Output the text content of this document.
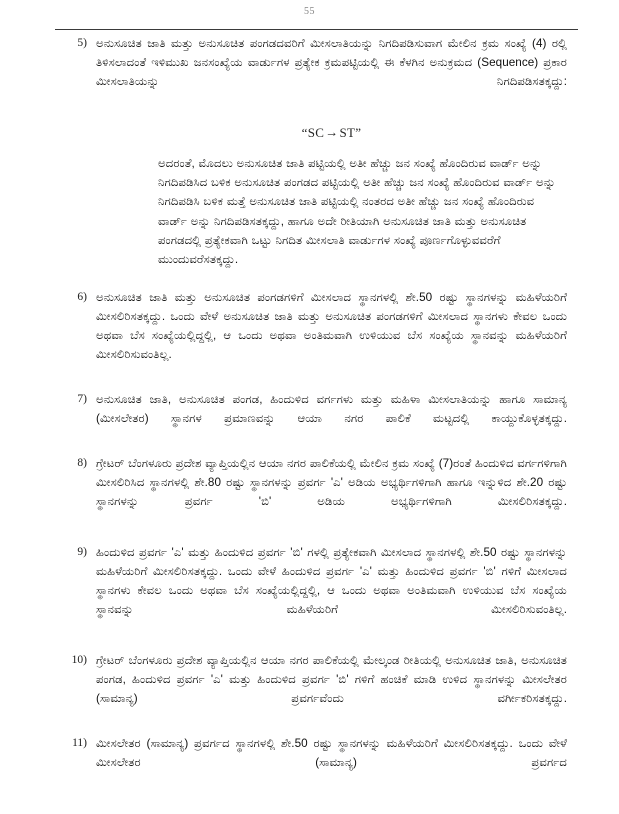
55
5) ಅನುಸೂಚಿತ ಜಾತಿ ಮತ್ತು ಅನುಸೂಚಿತ ಪಂಗಡದವರಿಗೆ ಮೀಸಲಾತಿಯನ್ನು ನಿಗದಿಪಡಿಸುವಾಗ ಮೇಲಿನ ಕ್ರಮ ಸಂಖ್ಯೆ (4) ರಲ್ಲಿ ತಿಳಿಸಲಾದಂತೆ ಇಳಿಮುಖ ಜನಸಂಖ್ಯೆಯ ವಾರ್ಡುಗಳ ಪ್ರತ್ಯೇಕ ಕ್ರಮಪಟ್ಟಿಯಲ್ಲಿ ಈ ಕೆಳಗಿನ ಅನುಕ್ರಮದ (Sequence) ಪ್ರಕಾರ ಮೀಸಲಾತಿಯನ್ನು ನಿಗದಿಪಡಿಸತಕ್ಕದ್ದು:

“SC→ST”

ಅದರಂತೆ, ಮೊದಲು ಅನುಸೂಚಿತ ಜಾತಿ ಪಟ್ಟಿಯಲ್ಲಿ ಅತೀ ಹೆಚ್ಚು ಜನ ಸಂಖ್ಯೆ ಹೊಂದಿರುವ ವಾರ್ಡ್ ಅನ್ನು ನಿಗದಿಪಡಿಸಿದ ಬಳಿಕ ಅನುಸೂಚಿತ ಪಂಗಡದ ಪಟ್ಟಿಯಲ್ಲಿ ಅತೀ ಹೆಚ್ಚು ಜನ ಸಂಖ್ಯೆ ಹೊಂದಿರುವ ವಾರ್ಡ್ ಅನ್ನು ನಿಗದಿಪಡಿಸಿ ಬಳಿಕ ಮತ್ತೆ ಅನುಸೂಚಿತ ಜಾತಿ ಪಟ್ಟಿಯಲ್ಲಿ ನಂತರದ ಅತೀ ಹೆಚ್ಚು ಜನ ಸಂಖ್ಯೆ ಹೊಂದಿರುವ ವಾರ್ಡ್ ಅನ್ನು ನಿಗದಿಪಡಿಸತಕ್ಕದ್ದು, ಹಾಗೂ ಅದೇ ರೀತಿಯಾಗಿ ಅನುಸೂಚಿತ ಜಾತಿ ಮತ್ತು ಅನುಸೂಚಿತ ಪಂಗಡದಲ್ಲಿ ಪ್ರತ್ಯೇಕವಾಗಿ ಒಟ್ಟು ನಿಗದಿತ ಮೀಸಲಾತಿ ವಾರ್ಡುಗಳ ಸಂಖ್ಯೆ ಪೂರ್ಣಗೊಳ್ಳುವವರೆಗೆ ಮುಂದುವರೆಸತಕ್ಕದ್ದು.

6) ಅನುಸೂಚಿತ ಜಾತಿ ಮತ್ತು ಅನುಸೂಚಿತ ಪಂಗಡಗಳಿಗೆ ಮೀಸಲಾದ ಸ್ಥಾನಗಳಲ್ಲಿ ಶೇ.50 ರಷ್ಟು ಸ್ಥಾನಗಳನ್ನು ಮಹಿಳೆಯರಿಗೆ ಮೀಸಲಿರಿಸತಕ್ಕದ್ದು. ಒಂದು ವೇಳೆ ಅನುಸೂಚಿತ ಜಾತಿ ಮತ್ತು ಅನುಸೂಚಿತ ಪಂಗಡಗಳಿಗೆ ಮೀಸಲಾದ ಸ್ಥಾನಗಳು ಕೇವಲ ಒಂದು ಅಥವಾ ಬೆಸ ಸಂಖ್ಯೆಯಲ್ಲಿದ್ದಲ್ಲಿ, ಆ ಒಂದು ಅಥವಾ ಅಂತಿಮವಾಗಿ ಉಳಿಯುವ ಬೆಸ ಸಂಖ್ಯೆಯ ಸ್ಥಾನವನ್ನು ಮಹಿಳೆಯರಿಗೆ ಮೀಸಲಿರಿಸುವಂತಿಲ್ಲ.

7) ಅನುಸೂಚಿತ ಜಾತಿ, ಅನುಸೂಚಿತ ಪಂಗಡ, ಹಿಂದುಳಿದ ವರ್ಗಗಳು ಮತ್ತು ಮಹಿಳಾ ಮೀಸಲಾತಿಯನ್ನು ಹಾಗೂ ಸಾಮಾನ್ಯ (ಮೀಸಲೇತರ) ಸ್ಥಾನಗಳ ಪ್ರಮಾಣವನ್ನು ಆಯಾ ನಗರ ಪಾಲಿಕೆ ಮಟ್ಟದಲ್ಲಿ ಕಾಯ್ದುಕೊಳ್ಳತಕ್ಕದ್ದು.

8) ಗ್ರೇಟರ್ ಬೆಂಗಳೂರು ಪ್ರದೇಶ ವ್ಯಾಪ್ತಿಯಲ್ಲಿನ ಆಯಾ ನಗರ ಪಾಲಿಕೆಯಲ್ಲಿ ಮೇಲಿನ ಕ್ರಮ ಸಂಖ್ಯೆ (7)ರಂತೆ ಹಿಂದುಳಿದ ವರ್ಗಗಳಿಗಾಗಿ ಮೀಸಲಿರಿಸಿದ ಸ್ಥಾನಗಳಲ್ಲಿ ಶೇ.80 ರಷ್ಟು ಸ್ಥಾನಗಳನ್ನು ಪ್ರವರ್ಗ 'ಎ' ಅಡಿಯ ಅಭ್ಯರ್ಥಿಗಳಿಗಾಗಿ ಹಾಗೂ ಇನ್ನುಳಿದ ಶೇ.20 ರಷ್ಟು ಸ್ಥಾನಗಳನ್ನು ಪ್ರವರ್ಗ 'ಬಿ' ಅಡಿಯ ಅಭ್ಯರ್ಥಿಗಳಿಗಾಗಿ ಮೀಸಲಿರಿಸತಕ್ಕದ್ದು.

9) ಹಿಂದುಳಿದ ಪ್ರವರ್ಗ 'ಎ' ಮತ್ತು ಹಿಂದುಳಿದ ಪ್ರವರ್ಗ 'ಬಿ' ಗಳಲ್ಲಿ ಪ್ರತ್ಯೇಕವಾಗಿ ಮೀಸಲಾದ ಸ್ಥಾನಗಳಲ್ಲಿ ಶೇ.50 ರಷ್ಟು ಸ್ಥಾನಗಳನ್ನು ಮಹಿಳೆಯರಿಗೆ ಮೀಸಲಿರಿಸತಕ್ಕದ್ದು. ಒಂದು ವೇಳೆ ಹಿಂದುಳಿದ ಪ್ರವರ್ಗ 'ಎ' ಮತ್ತು ಹಿಂದುಳಿದ ಪ್ರವರ್ಗ 'ಬಿ' ಗಳಿಗೆ ಮೀಸಲಾದ ಸ್ಥಾನಗಳು ಕೇವಲ ಒಂದು ಅಥವಾ ಬೆಸ ಸಂಖ್ಯೆಯಲ್ಲಿದ್ದಲ್ಲಿ, ಆ ಒಂದು ಅಥವಾ ಅಂತಿಮವಾಗಿ ಉಳಿಯುವ ಬೆಸ ಸಂಖ್ಯೆಯ ಸ್ಥಾನವನ್ನು ಮಹಿಳೆಯರಿಗೆ ಮೀಸಲಿರಿಸುವಂತಿಲ್ಲ.

10) ಗ್ರೇಟರ್ ಬೆಂಗಳೂರು ಪ್ರದೇಶ ವ್ಯಾಪ್ತಿಯಲ್ಲಿನ ಆಯಾ ನಗರ ಪಾಲಿಕೆಯಲ್ಲಿ ಮೇಲ್ಕಂಡ ರೀತಿಯಲ್ಲಿ ಅನುಸೂಚಿತ ಜಾತಿ, ಅನುಸೂಚಿತ ಪಂಗಡ, ಹಿಂದುಳಿದ ಪ್ರವರ್ಗ 'ಎ' ಮತ್ತು ಹಿಂದುಳಿದ ಪ್ರವರ್ಗ 'ಬಿ' ಗಳಿಗೆ ಹಂಚಿಕೆ ಮಾಡಿ ಉಳಿದ ಸ್ಥಾನಗಳನ್ನು ಮೀಸಲೇತರ (ಸಾಮಾನ್ಯ) ಪ್ರವರ್ಗವೆಂದು ವರ್ಗೀಕರಿಸತಕ್ಕದ್ದು.

11) ಮೀಸಲೇತರ (ಸಾಮಾನ್ಯ) ಪ್ರವರ್ಗದ ಸ್ಥಾನಗಳಲ್ಲಿ ಶೇ.50 ರಷ್ಟು ಸ್ಥಾನಗಳನ್ನು ಮಹಿಳೆಯರಿಗೆ ಮೀಸಲಿರಿಸತಕ್ಕದ್ದು. ಒಂದು ವೇಳೆ ಮೀಸಲೇತರ (ಸಾಮಾನ್ಯ) ಪ್ರವರ್ಗದ
